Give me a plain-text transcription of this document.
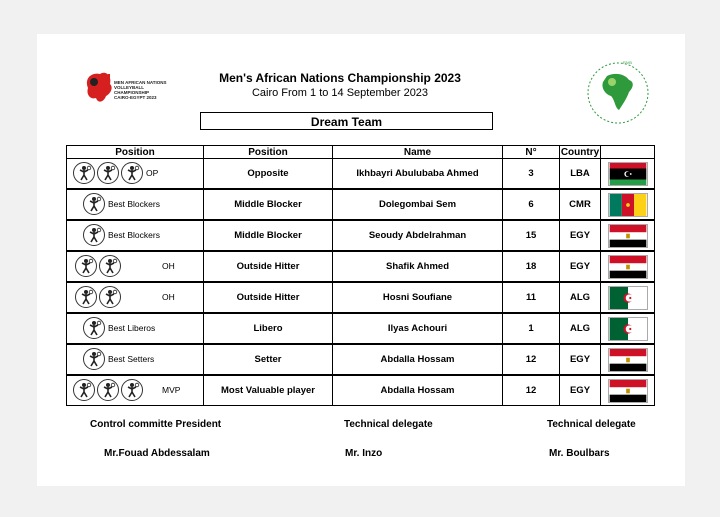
MEN AFRICAN NATIONS
VOLLEYBALL CHAMPIONSHIP
CAIRO-EGYPT 2023
FIVB
Men's African Nations Championship 2023
Cairo From 1 to 14 September 2023
Dream Team
Position	Position	Name	N°	Country	

OP	Opposite	Ikhbayri Abulubaba Ahmed	3	LBA	

Best Blockers	Middle Blocker	Dolegombai Sem	6	CMR	

Best Blockers	Middle Blocker	Seoudy Abdelrahman	15	EGY	

OH	Outside Hitter	Shafik Ahmed	18	EGY	

OH	Outside Hitter	Hosni Soufiane	11	ALG	

Best Liberos	Libero	Ilyas Achouri	1	ALG	

Best Setters	Setter	Abdalla Hossam	12	EGY	

MVP	Most Valuable player	Abdalla Hossam	12	EGY	
Control committe President	Technical delegate	Technical delegate
Mr.Fouad Abdessalam	Mr. Inzo	Mr. Boulbars
